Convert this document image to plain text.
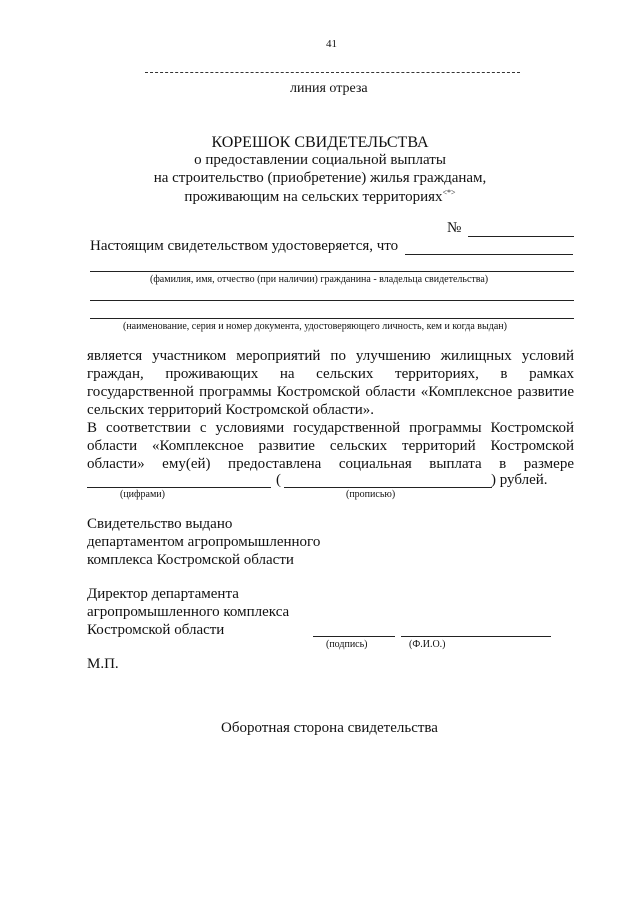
41
линия отреза
КОРЕШОК СВИДЕТЕЛЬСТВА
о предоставлении социальной выплаты
на строительство (приобретение) жилья гражданам,
проживающим на сельских территориях<*>
№
Настоящим свидетельством удостоверяется, что
(фамилия, имя, отчество (при наличии) гражданина - владельца свидетельства)
(наименование, серия и номер документа, удостоверяющего личность, кем и когда выдан)
является участником мероприятий по улучшению жилищных условий
граждан, проживающих на сельских территориях, в рамках
государственной программы Костромской области «Комплексное развитие
сельских территорий Костромской области».
В соответствии с условиями государственной программы Костромской
области «Комплексное развитие сельских территорий Костромской
области» ему(ей) предоставлена социальная выплата в размере
(	) рублей.
(цифрами)	(прописью)
Свидетельство выдано
департаментом агропромышленного
комплекса Костромской области
Директор департамента
агропромышленного комплекса
Костромской области
(подпись)	(Ф.И.О.)
М.П.
Оборотная сторона свидетельства
